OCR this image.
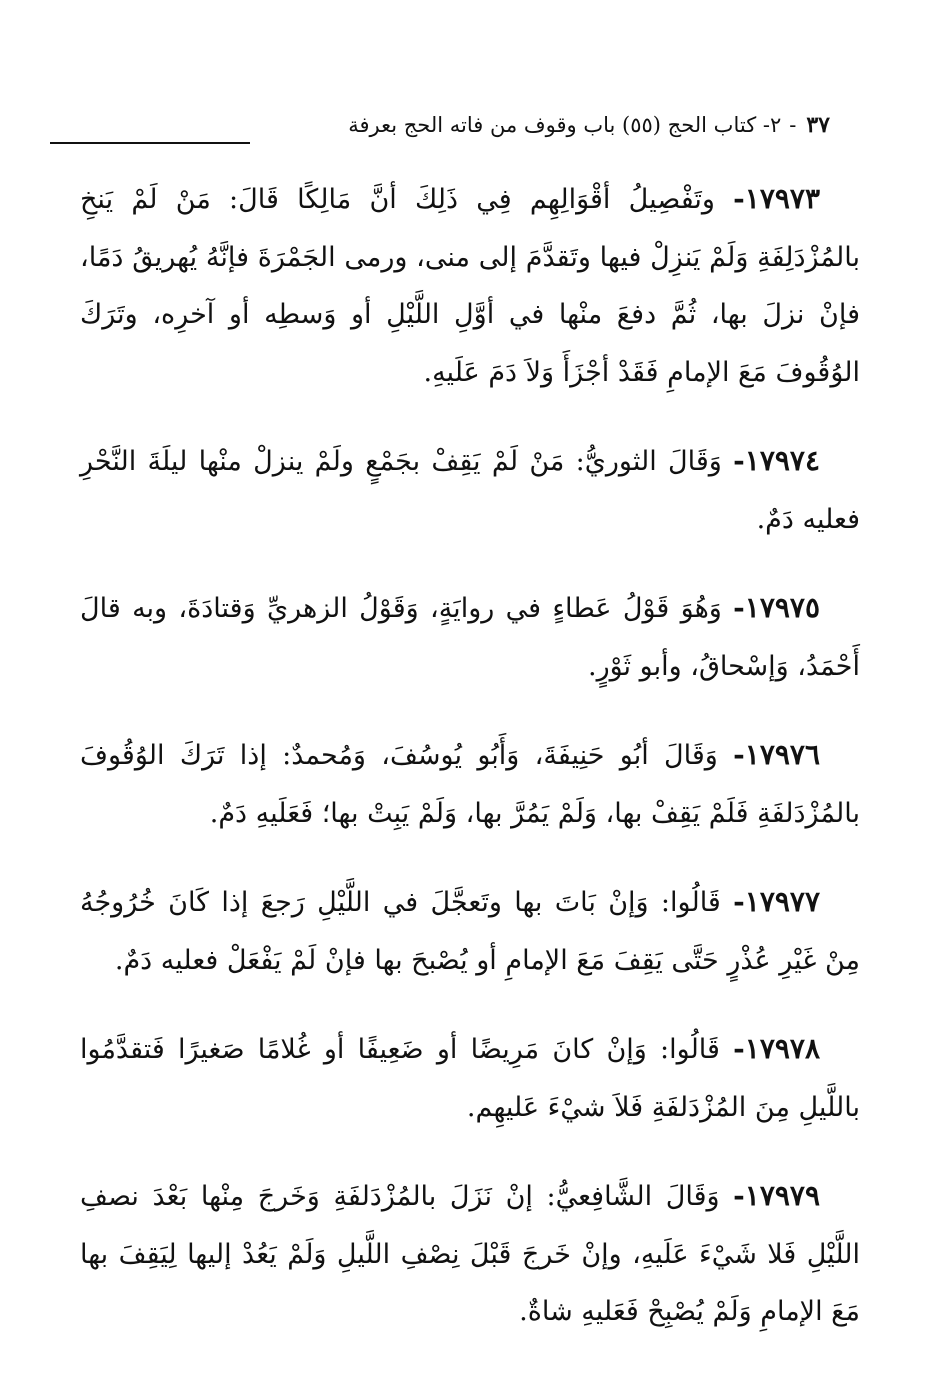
٣٧
-
٢- كتاب الحج (٥٥) باب وقوف من فاته الحج بعرفة

١٧٩٧٣- وتَفْصِيلُ أقْوَالِهِم فِي ذَلِكَ أنَّ مَالِكًا قَالَ: مَنْ لَمْ يَنخِ بالمُزْدَلِفَةِ وَلَمْ يَنزِلْ فيها وتَقدَّمَ إلى منى، ورمى الجَمْرَةَ فإنَّهُ يُهريقُ دَمًا، فإنْ نزلَ بها، ثُمَّ دفعَ منْها في أوَّلِ اللَّيْلِ أو وَسطِه أو آخرِه، وتَرَكَ الوُقُوفَ مَعَ الإمامِ فَقَدْ أجْزَأَ وَلاَ دَمَ عَلَيهِ.

١٧٩٧٤- وَقَالَ الثوريُّ: مَنْ لَمْ يَقِفْ بجَمْعٍ ولَمْ ينزلْ منْها ليلَةَ النَّحْرِ فعليه دَمٌ.

١٧٩٧٥- وَهُوَ قَوْلُ عَطاءٍ في روايَةٍ، وَقَوْلُ الزهريِّ وَقتادَةَ، وبه قالَ أَحْمَدُ، وَإسْحاقُ، وأبو ثَوْرٍ.

١٧٩٧٦- وَقَالَ أبُو حَنِيفَةَ، وَأَبُو يُوسُفَ، وَمُحمدٌ: إذا تَرَكَ الوُقُوفَ بالمُزْدَلفَةِ فَلَمْ يَقِفْ بها، وَلَمْ يَمُرَّ بها، وَلَمْ يَبِتْ بها؛ فَعَلَيهِ دَمٌ.

١٧٩٧٧- قَالُوا: وَإنْ بَاتَ بها وتَعجَّلَ في اللَّيْلِ رَجعَ إذا كَانَ خُرُوجُهُ مِنْ غَيْرِ عُذْرٍ حَتَّى يَقِفَ مَعَ الإمامِ أو يُصْبحَ بها فإنْ لَمْ يَفْعَلْ فعليه دَمٌ.

١٧٩٧٨- قَالُوا: وَإنْ كانَ مَرِيضًا أو ضَعِيفًا أو غُلامًا صَغيرًا فَتقدَّمُوا باللَّيلِ مِنَ المُزْدَلفَةِ فَلاَ شيْءَ عَليهِم.

١٧٩٧٩- وَقَالَ الشَّافِعيُّ: إنْ نَزَلَ بالمُزْدَلفَةِ وَخَرجَ مِنْها بَعْدَ نصفِ اللَّيْلِ فَلا شَيْءَ عَلَيهِ، وإنْ خَرجَ قَبْلَ نِصْفِ اللَّيلِ وَلَمْ يَعُدْ إليها لِيَقِفَ بها مَعَ الإمامِ وَلَمْ يُصْبِحْ فَعَليهِ شاةٌ.
